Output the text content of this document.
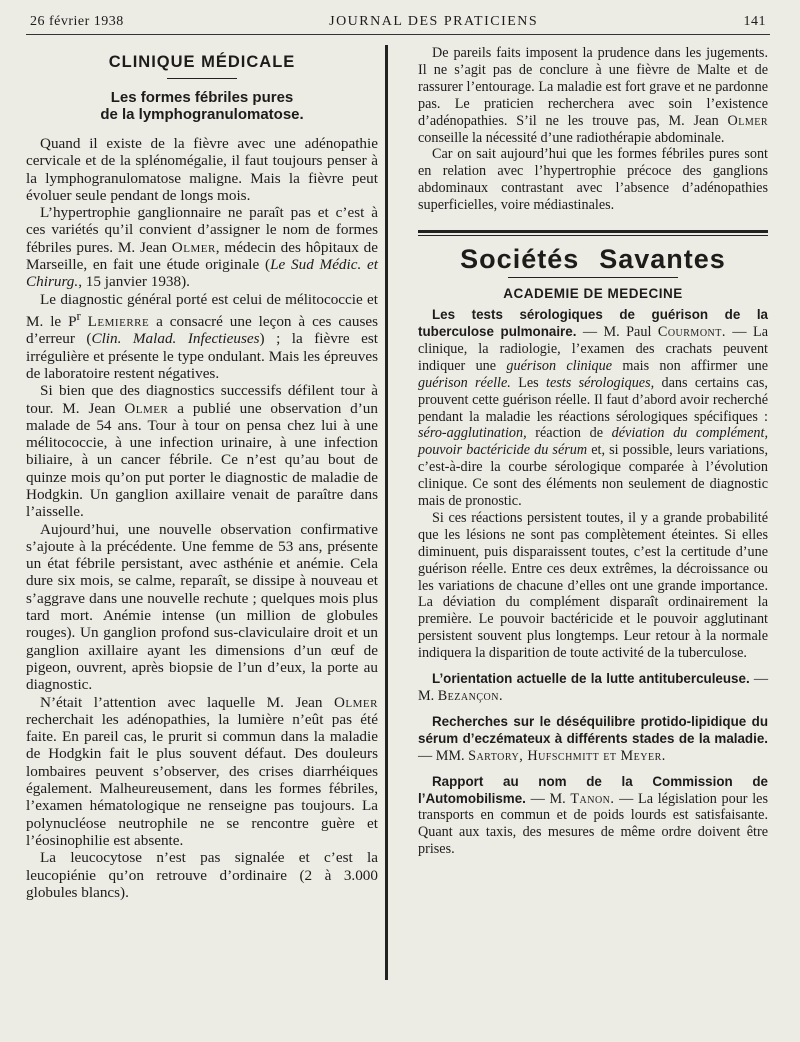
26 février 1938	JOURNAL DES PRATICIENS	141
CLINIQUE MÉDICALE
Les formes fébriles pures
de la lymphogranulomatose.

Quand il existe de la fièvre avec une adénopathie cervicale et de la splénomégalie, il faut toujours penser à la lymphogranulomatose maligne. Mais la fièvre peut évoluer seule pendant de longs mois.

L’hypertrophie ganglionnaire ne paraît pas et c’est à ces variétés qu’il convient d’assigner le nom de formes fébriles pures. M. Jean Olmer, médecin des hôpitaux de Marseille, en fait une étude originale (Le Sud Médic. et Chirurg., 15 janvier 1938).

Le diagnostic général porté est celui de mélitococcie et M. le $P^r$ Lemierre a consacré une leçon à ces causes d’erreur (Clin. Malad. Infectieuses) ; la fièvre est irrégulière et présente le type ondulant. Mais les épreuves de laboratoire restent négatives.

Si bien que des diagnostics successifs défilent tour à tour. M. Jean Olmer a publié une observation d’un malade de 54 ans. Tour à tour on pensa chez lui à une mélitococcie, à une infection urinaire, à une infection biliaire, à un cancer fébrile. Ce n’est qu’au bout de quinze mois qu’on put porter le diagnostic de maladie de Hodgkin. Un ganglion axillaire venait de paraître dans l’aisselle.

Aujourd’hui, une nouvelle observation confirmative s’ajoute à la précédente. Une femme de 53 ans, présente un état fébrile persistant, avec asthénie et anémie. Cela dure six mois, se calme, reparaît, se dissipe à nouveau et s’aggrave dans une nouvelle rechute ; quelques mois plus tard mort. Anémie intense (un million de globules rouges). Un ganglion profond sus-claviculaire droit et un ganglion axillaire ayant les dimensions d’un œuf de pigeon, ouvrent, après biopsie de l’un d’eux, la porte au diagnostic.

N’était l’attention avec laquelle M. Jean Olmer recherchait les adénopathies, la lumière n’eût pas été faite. En pareil cas, le prurit si commun dans la maladie de Hodgkin fait le plus souvent défaut. Des douleurs lombaires peuvent s’observer, des crises diarrhéiques également. Malheureusement, dans les formes fébriles, l’examen hématologique ne renseigne pas toujours. La polynucléose neutrophile ne se rencontre guère et l’éosinophilie est absente.

La leucocytose n’est pas signalée et c’est la leucopiénie qu’on retrouve d’ordinaire (2 à 3.000 globules blancs).

De pareils faits imposent la prudence dans les jugements. Il ne s’agit pas de conclure à une fièvre de Malte et de rassurer l’entourage. La maladie est fort grave et ne pardonne pas. Le praticien recherchera avec soin l’existence d’adénopathies. S’il ne les trouve pas, M. Jean Olmer conseille la nécessité d’une radiothérapie abdominale.

Car on sait aujourd’hui que les formes fébriles pures sont en relation avec l’hypertrophie précoce des ganglions abdominaux contrastant avec l’absence d’adénopathies superficielles, voire médiastinales.

Sociétés Savantes
ACADEMIE DE MEDECINE

Les tests sérologiques de guérison de la tuberculose pulmonaire. — M. Paul Courmont. — La clinique, la radiologie, l’examen des crachats peuvent indiquer une guérison clinique mais non affirmer une guérison réelle. Les tests sérologiques, dans certains cas, prouvent cette guérison réelle. Il faut d’abord avoir recherché pendant la maladie les réactions sérologiques spécifiques : séro-agglutination, réaction de déviation du complément, pouvoir bactéricide du sérum et, si possible, leurs variations, c’est-à-dire la courbe sérologique comparée à l’évolution clinique. Ce sont des éléments non seulement de diagnostic mais de pronostic.

Si ces réactions persistent toutes, il y a grande probabilité que les lésions ne sont pas complètement éteintes. Si elles diminuent, puis disparaissent toutes, c’est la certitude d’une guérison réelle. Entre ces deux extrêmes, la décroissance ou les variations de chacune d’elles ont une grande importance. La déviation du complément disparaît ordinairement la première. Le pouvoir bactéricide et le pouvoir agglutinant persistent souvent plus longtemps. Leur retour à la normale indiquera la disparition de toute activité de la tuberculose.

L’orientation actuelle de la lutte antituberculeuse. — M. Bezançon.

Recherches sur le déséquilibre protido-lipidique du sérum d’eczémateux à différents stades de la maladie. — MM. Sartory, Hufschmitt et Meyer.

Rapport au nom de la Commission de l’Automobilisme. — M. Tanon. — La législation pour les transports en commun et de poids lourds est satisfaisante. Quant aux taxis, des mesures de même ordre doivent être prises.
